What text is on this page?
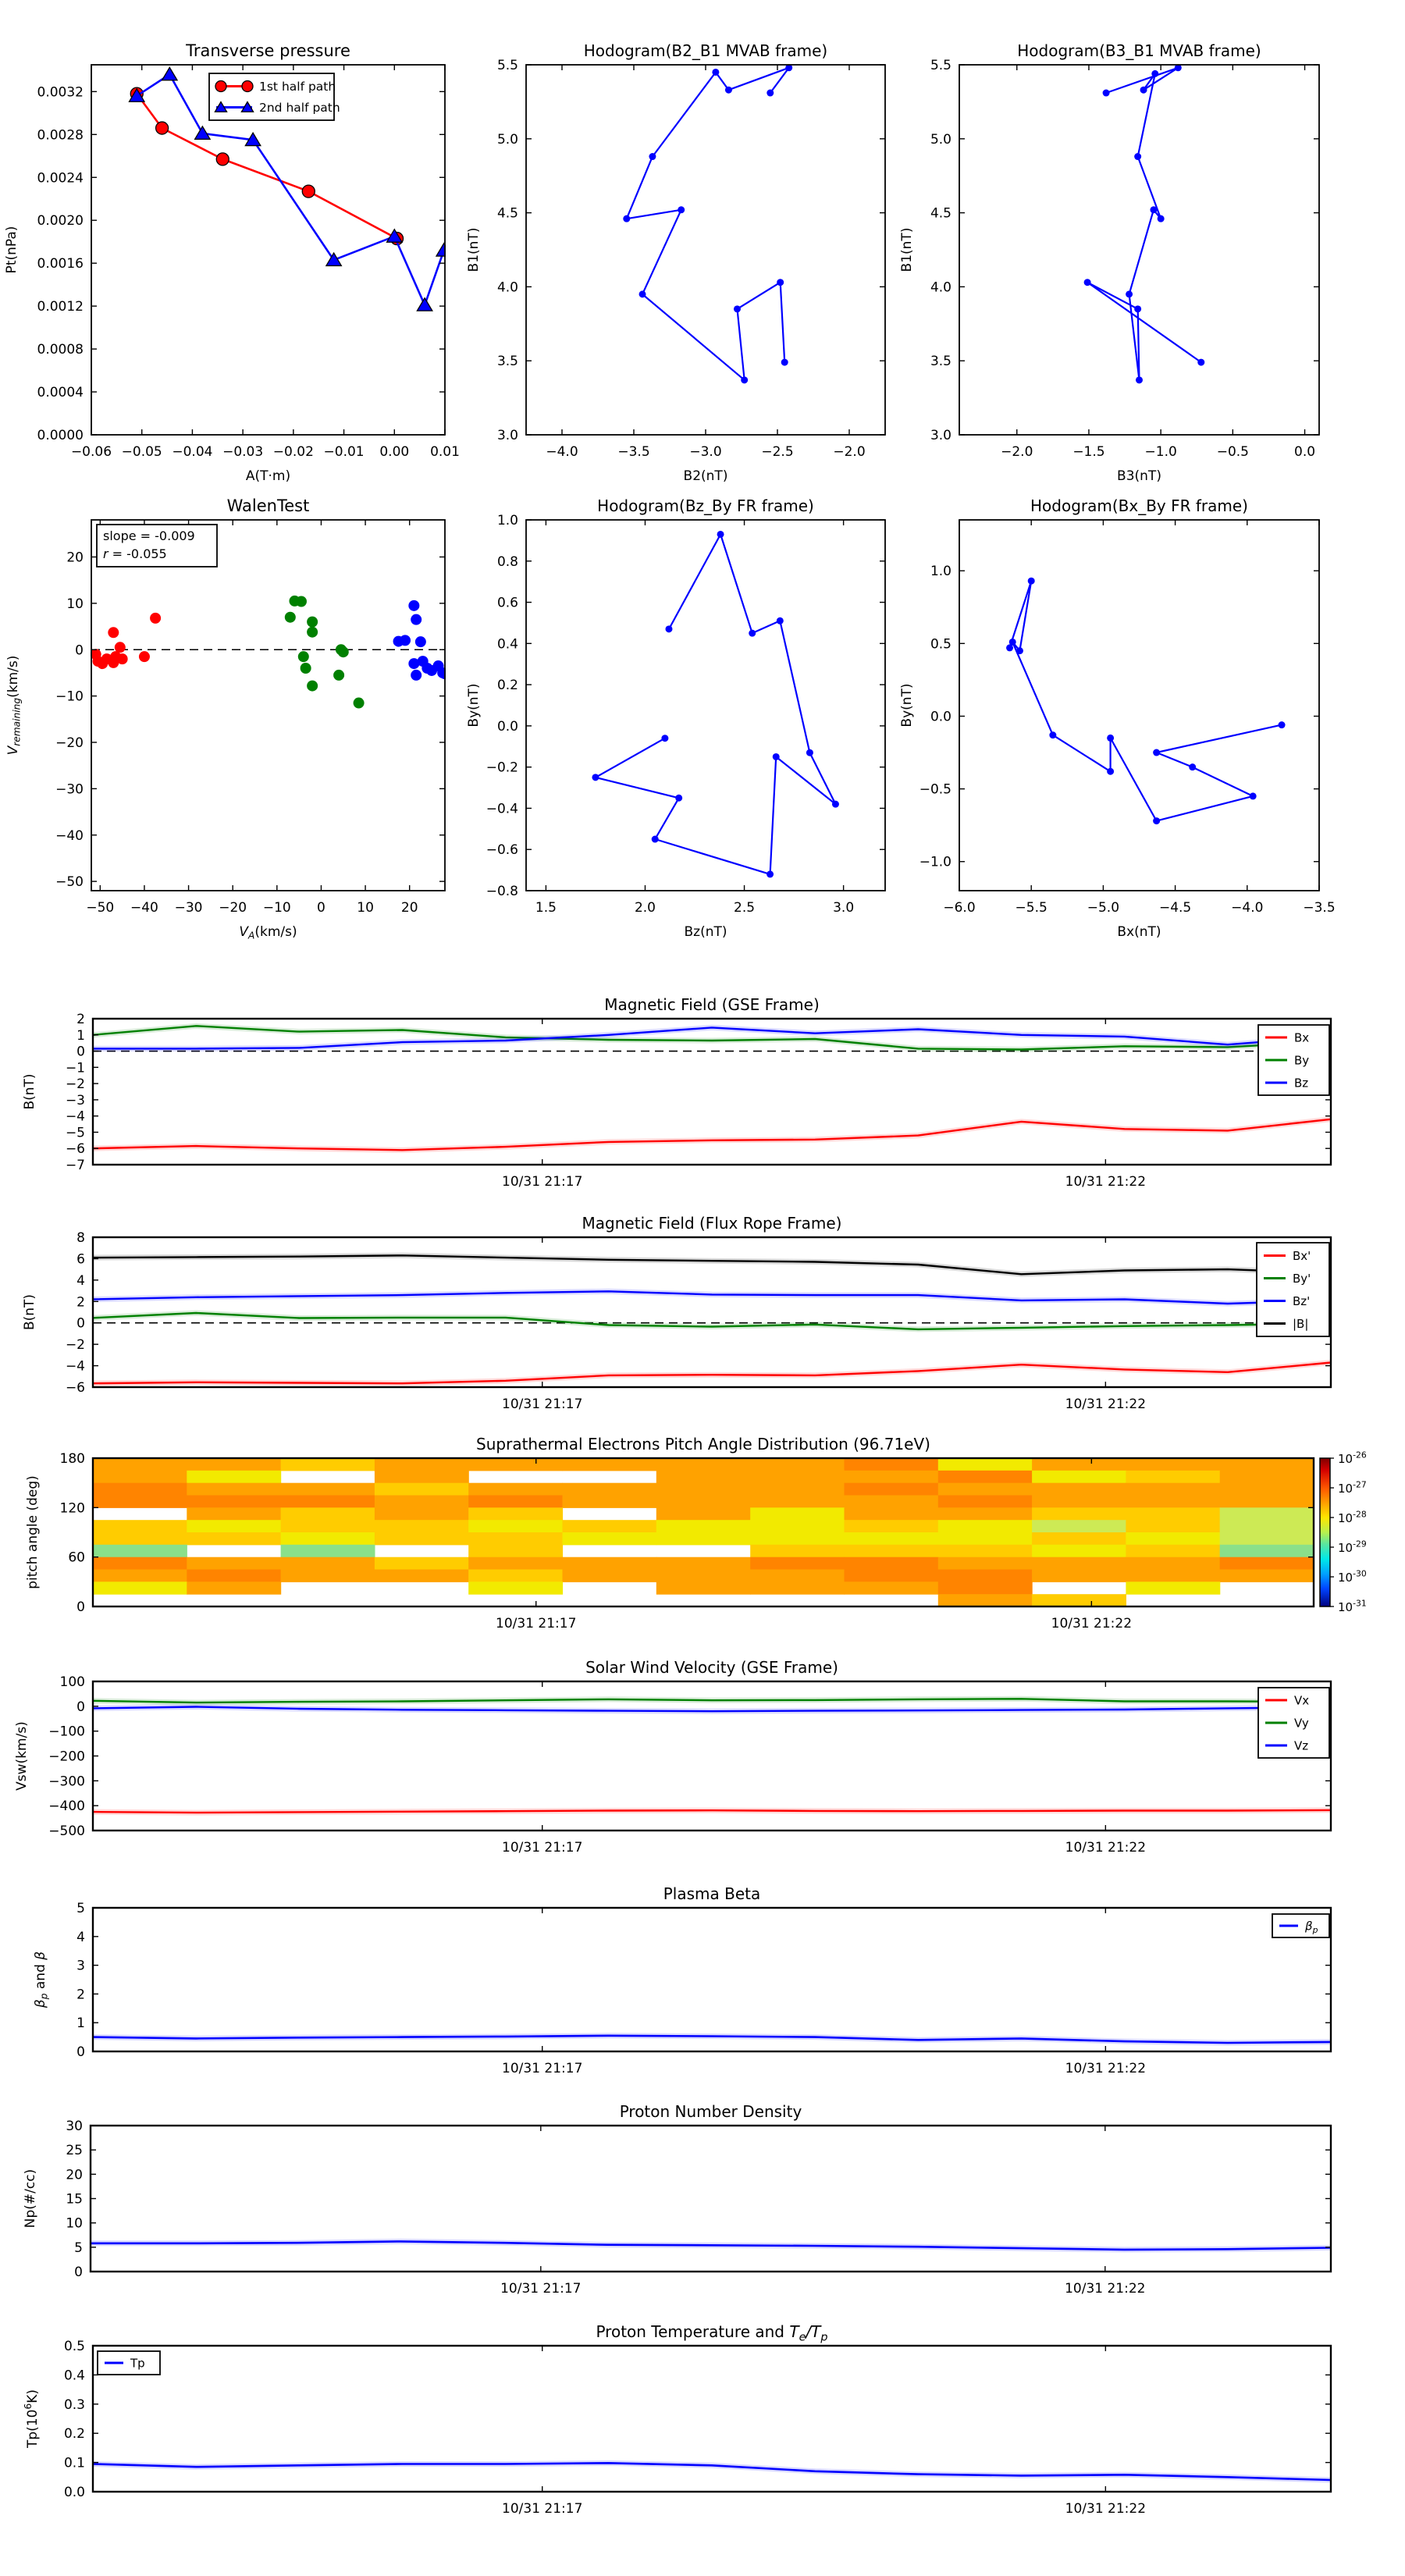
−0.06 −0.05 −0.04 −0.03 −0.02 −0.01 0.00 0.01
0.0000
0.0004
0.0008
0.0012
0.0016
0.0020
0.0024
0.0028
0.0032
Transverse pressure
A(T·m)
Pt(nPa)
1st half path
2nd half path
−4.0	−3.5	−3.0	−2.5	−2.0
3.0
3.5
4.0
4.5
5.0
5.5
Hodogram(B2_B1 MVAB frame)
B2(nT)
B1(nT)
−2.0	−1.5	−1.0	−0.5	0.0
3.0
3.5
4.0
4.5
5.0
5.5
Hodogram(B3_B1 MVAB frame)
B3(nT)
B1(nT)
−50 −40 −30 −20 −10 0 10 20
−50
−40
−30
−20
−10
0
10
20
WalenTest
$V_A(km/s)$
$V_{remaining}(km/s)$
slope = -0.009
r = -0.055
1.5	2.0	2.5	3.0
−0.8
−0.6
−0.4
−0.2
0.0
0.2
0.4
0.6
0.8
1.0
Hodogram(Bz_By FR frame)
Bz(nT)
By(nT)
−6.0	−5.5	−5.0	−4.5	−4.0	−3.5
−1.0
−0.5
0.0
0.5
1.0
Hodogram(Bx_By FR frame)
Bx(nT)
By(nT)
10/31 21:17	10/31 21:22
−7
−6
−5
−4
−3
−2
−1
0
1
2
Magnetic Field (GSE Frame)
B(nT)
Bx
By
Bz
10/31 21:17	10/31 21:22
−6
−4
−2
0
2
4
6
8
Magnetic Field (Flux Rope Frame)
B(nT)
Bx'
By'
Bz'
|B|
10/31 21:17	10/31 21:22
0
60
120
180
Suprathermal Electrons Pitch Angle Distribution (96.71eV)
pitch angle (deg)
$10^{-26}$
$10^{-27}$
$10^{-28}$
$10^{-29}$
$10^{-30}$
$10^{-31}$
10/31 21:17	10/31 21:22
−500
−400
−300
−200
−100
0
100
Solar Wind Velocity (GSE Frame)
Vsw(km/s)
Vx
Vy
Vz
10/31 21:17	10/31 21:22
0
1
2
3
4
5
Plasma Beta
$\beta_p$ and β
$\beta_p$
10/31 21:17	10/31 21:22
0
5
10
15
20
25
30
Proton Number Density
Np(#/cc)
10/31 21:17	10/31 21:22
0.0
0.1
0.2
0.3
0.4
0.5
Proton Temperature and $T_e/T_p$
$Tp(10^6K)$
Tp
